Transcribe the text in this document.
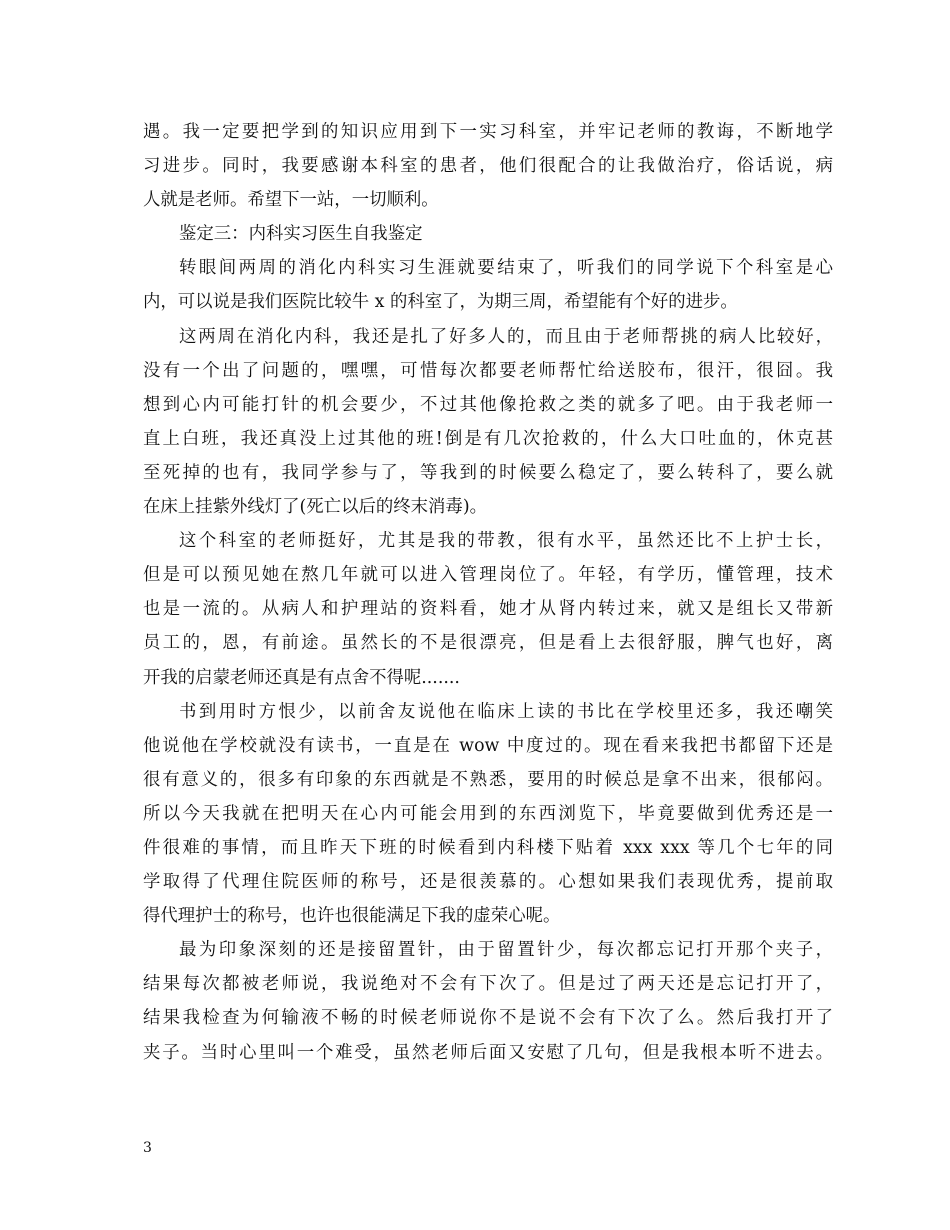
遇。我一定要把学到的知识应用到下一实习科室，并牢记老师的教诲，不断地学
习进步。同时，我要感谢本科室的患者，他们很配合的让我做治疗，俗话说，病
人就是老师。希望下一站，一切顺利。
鉴定三：内科实习医生自我鉴定
转眼间两周的消化内科实习生涯就要结束了，听我们的同学说下个科室是心
内，可以说是我们医院比较牛 x 的科室了，为期三周，希望能有个好的进步。
这两周在消化内科，我还是扎了好多人的，而且由于老师帮挑的病人比较好，
没有一个出了问题的，嘿嘿，可惜每次都要老师帮忙给送胶布，很汗，很囧。我
想到心内可能打针的机会要少，不过其他像抢救之类的就多了吧。由于我老师一
直上白班，我还真没上过其他的班!倒是有几次抢救的，什么大口吐血的，休克甚
至死掉的也有，我同学参与了，等我到的时候要么稳定了，要么转科了，要么就
在床上挂紫外线灯了(死亡以后的终末消毒)。
这个科室的老师挺好，尤其是我的带教，很有水平，虽然还比不上护士长，
但是可以预见她在熬几年就可以进入管理岗位了。年轻，有学历，懂管理，技术
也是一流的。从病人和护理站的资料看，她才从肾内转过来，就又是组长又带新
员工的，恩，有前途。虽然长的不是很漂亮，但是看上去很舒服，脾气也好，离
开我的启蒙老师还真是有点舍不得呢.......
书到用时方恨少，以前舍友说他在临床上读的书比在学校里还多，我还嘲笑
他说他在学校就没有读书，一直是在 wow 中度过的。现在看来我把书都留下还是
很有意义的，很多有印象的东西就是不熟悉，要用的时候总是拿不出来，很郁闷。
所以今天我就在把明天在心内可能会用到的东西浏览下，毕竟要做到优秀还是一
件很难的事情，而且昨天下班的时候看到内科楼下贴着 xxx xxx 等几个七年的同
学取得了代理住院医师的称号，还是很羡慕的。心想如果我们表现优秀，提前取
得代理护士的称号，也许也很能满足下我的虚荣心呢。
最为印象深刻的还是接留置针，由于留置针少，每次都忘记打开那个夹子，
结果每次都被老师说，我说绝对不会有下次了。但是过了两天还是忘记打开了，
结果我检查为何输液不畅的时候老师说你不是说不会有下次了么。然后我打开了
夹子。当时心里叫一个难受，虽然老师后面又安慰了几句，但是我根本听不进去。
3
